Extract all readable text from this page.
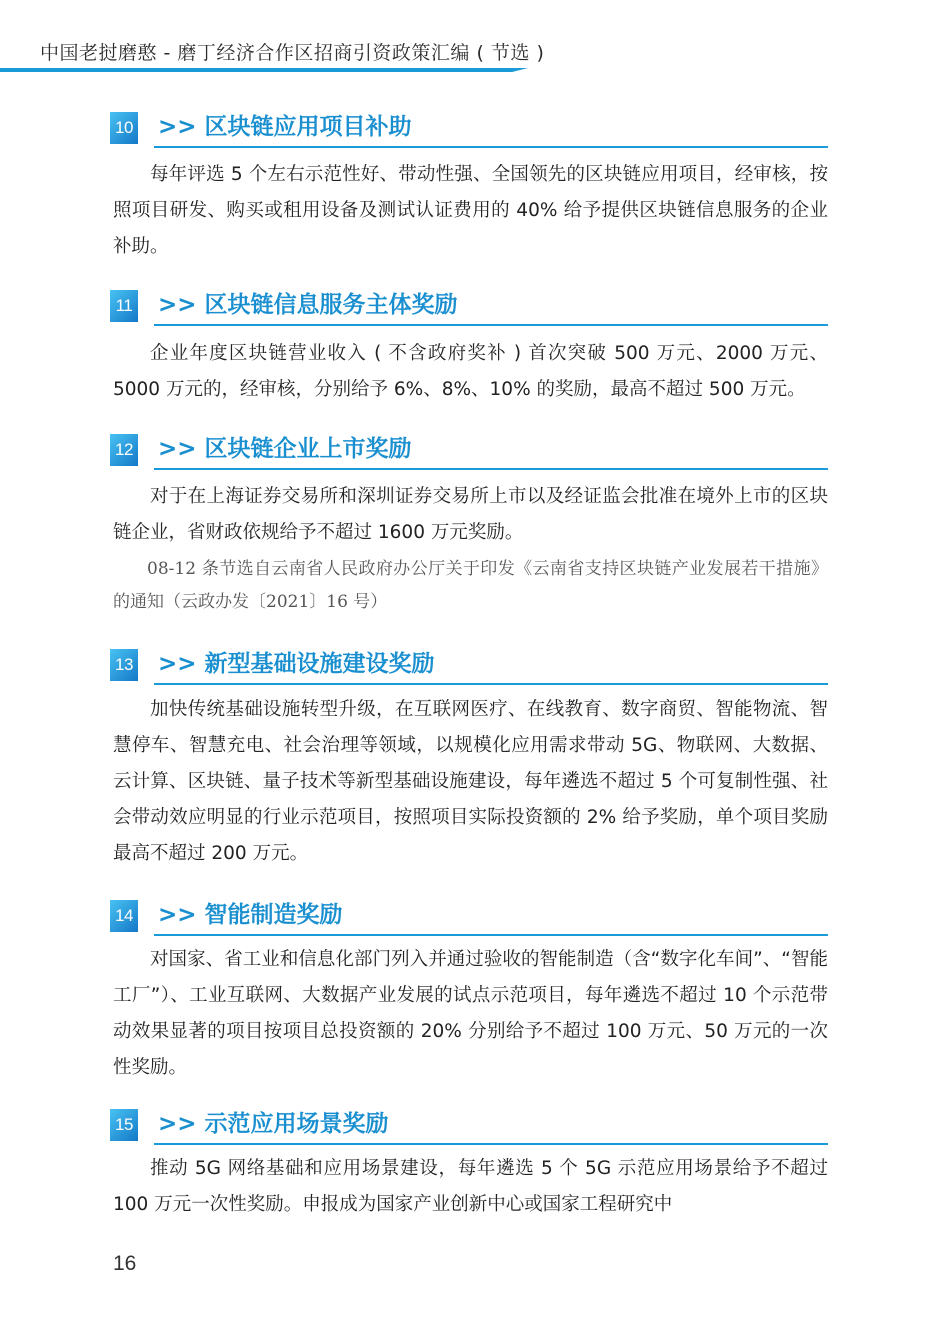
中国老挝磨憨 - 磨丁经济合作区招商引资政策汇编 ( 节选 )
10 >> 区块链应用项目补助

每年评选 5 个左右示范性好、带动性强、全国领先的区块链应用项目，经审核，按照项目研发、购买或租用设备及测试认证费用的 40% 给予提供区块链信息服务的企业补助。

11 >> 区块链信息服务主体奖励

企业年度区块链营业收入 ( 不含政府奖补 ) 首次突破 500 万元、2000 万元、5000 万元的，经审核，分别给予 6%、8%、10% 的奖励，最高不超过 500 万元。

12 >> 区块链企业上市奖励

对于在上海证券交易所和深圳证券交易所上市以及经证监会批准在境外上市的区块链企业，省财政依规给予不超过 1600 万元奖励。

08-12 条节选自云南省人民政府办公厅关于印发《云南省支持区块链产业发展若干措施》的通知（云政办发〔2021〕16 号）

13 >> 新型基础设施建设奖励

加快传统基础设施转型升级，在互联网医疗、在线教育、数字商贸、智能物流、智慧停车、智慧充电、社会治理等领域，以规模化应用需求带动 5G、物联网、大数据、云计算、区块链、量子技术等新型基础设施建设，每年遴选不超过 5 个可复制性强、社会带动效应明显的行业示范项目，按照项目实际投资额的 2% 给予奖励，单个项目奖励最高不超过 200 万元。

14 >> 智能制造奖励

对国家、省工业和信息化部门列入并通过验收的智能制造（含“数字化车间”、“智能工厂”）、工业互联网、大数据产业发展的试点示范项目，每年遴选不超过 10 个示范带动效果显著的项目按项目总投资额的 20% 分别给予不超过 100 万元、50 万元的一次性奖励。

15 >> 示范应用场景奖励

推动 5G 网络基础和应用场景建设，每年遴选 5 个 5G 示范应用场景给予不超过 100 万元一次性奖励。申报成为国家产业创新中心或国家工程研究中

16
